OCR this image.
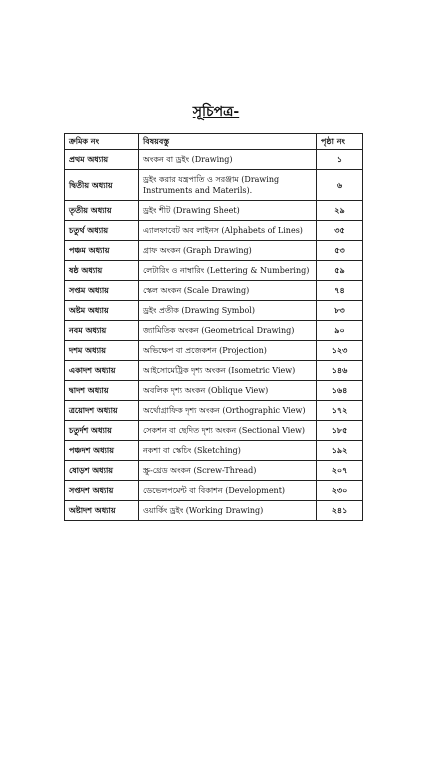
সূচিপত্র-
ক্রমিক নং	বিষয়বস্তু	পৃষ্ঠা নং
প্রথম অধ্যায়	অংকন বা ড্রইং (Drawing)	১
দ্বিতীয় অধ্যায়	ড্রইং করার যন্ত্রপাতি ও সরঞ্জাম (Drawing Instruments and Materils).	৬
তৃতীয় অধ্যায়	ড্রইং শীট (Drawing Sheet)	২৯
চতুর্থ অধ্যায়	এ্যালফাবেট অব লাইনস (Alphabets of Lines)	৩৫
পঞ্চম অধ্যায়	গ্রাফ অংকন (Graph Drawing)	৫৩
ষষ্ঠ অধ্যায়	লেটারিং ও নাম্বারিং (Lettering & Numbering)	৫৯
সপ্তম অধ্যায়	স্কেল অংকন (Scale Drawing)	৭৪
অষ্টম অধ্যায়	ড্রইং প্রতীক (Drawing Symbol)	৮৩
নবম অধ্যায়	জ্যামিতিক অংকন (Geometrical Drawing)	৯০
দশম অধ্যায়	অভিক্ষেপ বা প্রজেকশন (Projection)	১২৩
একাদশ অধ্যায়	আইসোমেট্রিক দৃশ্য অংকন (Isometric View)	১৪৬
দ্বাদশ অধ্যায়	অবলিক দৃশ্য অংকন (Oblique View)	১৬৪
ত্রয়োদশ অধ্যায়	অর্থোগ্রাফিক দৃশ্য অংকন (Orthographic View)	১৭২
চতুর্দশ অধ্যায়	সেকশন বা ছেদিত দৃশ্য অংকন (Sectional View)	১৮৫
পঞ্চদশ অধ্যায়	নকশা বা স্কেচিং (Sketching)	১৯২
ষোড়শ অধ্যায়	স্ক্রু-থ্রেড অংকন (Screw-Thread)	২০৭
সপ্তদশ অধ্যায়	ডেভেলপমেন্ট বা বিকাশন (Development)	২৩০
অষ্টাদশ অধ্যায়	ওয়ার্কিং ড্রইং (Working Drawing)	২৪১
